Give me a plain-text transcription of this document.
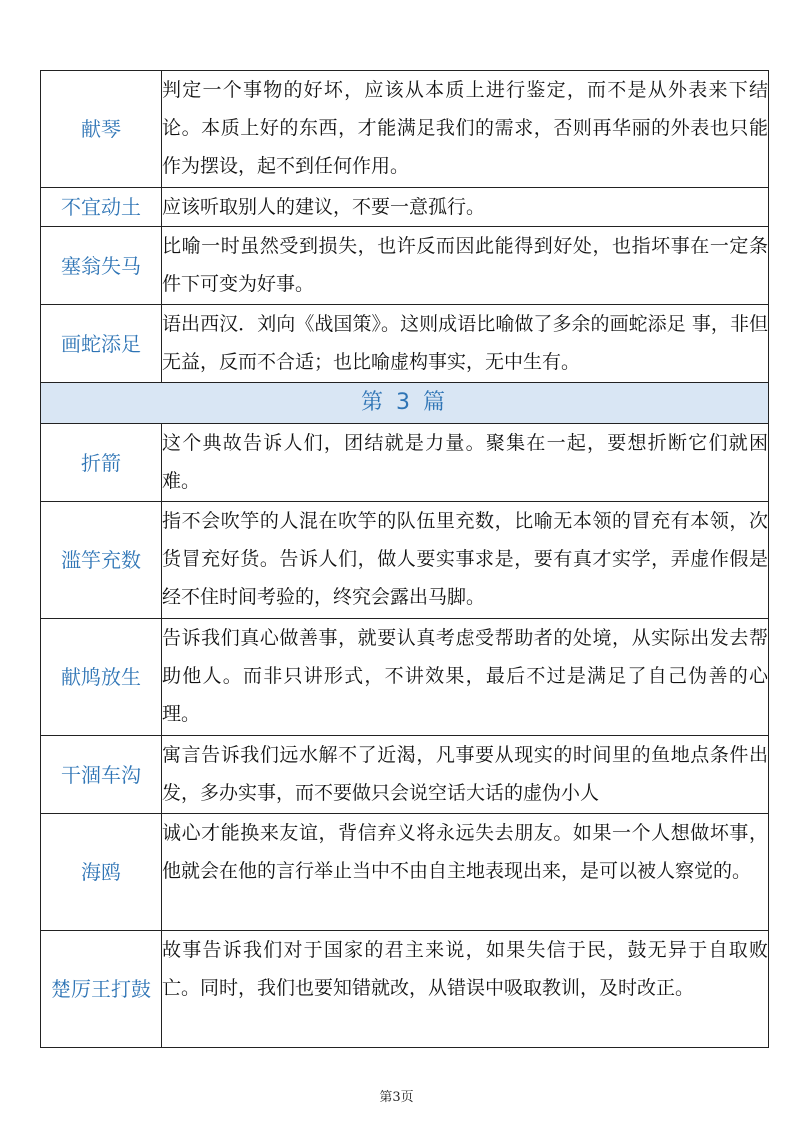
献琴	判定一个事物的好坏，应该从本质上进行鉴定，而不是从外表来下结论。本质上好的东西，才能满足我们的需求，否则再华丽的外表也只能作为摆设，起不到任何作用。
不宜动土	应该听取别人的建议，不要一意孤行。
塞翁失马	比喻一时虽然受到损失，也许反而因此能得到好处，也指坏事在一定条件下可变为好事。
画蛇添足	语出西汉．刘向《战国策》。这则成语比喻做了多余的画蛇添足 事，非但无益，反而不合适；也比喻虚构事实，无中生有。
第 3 篇	
折箭	这个典故告诉人们，团结就是力量。聚集在一起，要想折断它们就困难。
滥竽充数	指不会吹竽的人混在吹竽的队伍里充数，比喻无本领的冒充有本领，次货冒充好货。告诉人们，做人要实事求是，要有真才实学，弄虚作假是经不住时间考验的，终究会露出马脚。
献鸠放生	告诉我们真心做善事，就要认真考虑受帮助者的处境，从实际出发去帮助他人。而非只讲形式，不讲效果，最后不过是满足了自己伪善的心理。
干涸车沟	寓言告诉我们远水解不了近渴，凡事要从现实的时间里的鱼地点条件出发，多办实事，而不要做只会说空话大话的虚伪小人
海鸥	诚心才能换来友谊，背信弃义将永远失去朋友。如果一个人想做坏事，他就会在他的言行举止当中不由自主地表现出来，是可以被人察觉的。
楚厉王打鼓	故事告诉我们对于国家的君主来说，如果失信于民，鼓无异于自取败亡。同时，我们也要知错就改，从错误中吸取教训，及时改正。
第3页
